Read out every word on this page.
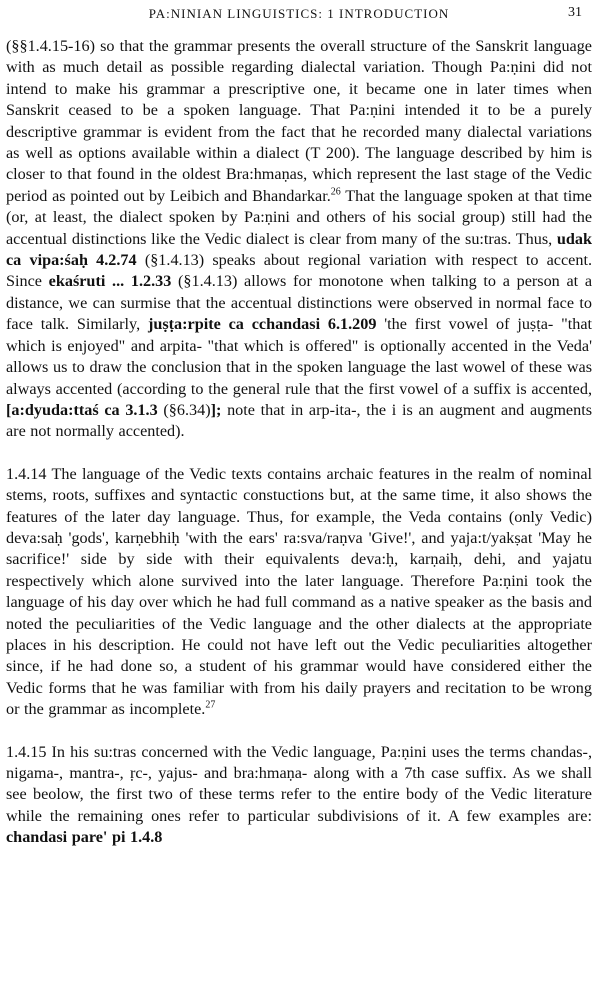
PA:NINIAN LINGUISTICS: 1 INTRODUCTION	31

(§§1.4.15-16) so that the grammar presents the overall structure of the Sanskrit language with as much detail as possible regarding dialectal variation. Though Pa:ṇini did not intend to make his grammar a prescriptive one, it became one in later times when Sanskrit ceased to be a spoken language. That Pa:ṇini intended it to be a purely descriptive grammar is evident from the fact that he recorded many dialectal variations as well as options available within a dialect (T 200). The language described by him is closer to that found in the oldest Bra:hmaṇas, which represent the last stage of the Vedic period as pointed out by Leibich and Bhandarkar.$^{26}$ That the language spoken at that time (or, at least, the dialect spoken by Pa:ṇini and others of his social group) still had the accentual distinctions like the Vedic dialect is clear from many of the su:tras. Thus, udak ca vipa:śaḥ 4.2.74 (§1.4.13) speaks about regional variation with respect to accent. Since ekaśruti ... 1.2.33 (§1.4.13) allows for monotone when talking to a person at a distance, we can surmise that the accentual distinctions were observed in normal face to face talk. Similarly, juṣṭa:rpite ca cchandasi 6.1.209 'the first vowel of juṣṭa- "that which is enjoyed" and arpita- "that which is offered" is optionally accented in the Veda' allows us to draw the conclusion that in the spoken language the last wowel of these was always accented (according to the general rule that the first vowel of a suffix is accented, [a:dyuda:ttaś ca 3.1.3 (§6.34)]; note that in arp-ita-, the i is an augment and augments are not normally accented).

1.4.14 The language of the Vedic texts contains archaic features in the realm of nominal stems, roots, suffixes and syntactic constuctions but, at the same time, it also shows the features of the later day language. Thus, for example, the Veda contains (only Vedic) deva:saḥ 'gods', karṇebhiḥ 'with the ears' ra:sva/raṇva 'Give!', and yaja:t/yakṣat 'May he sacrifice!' side by side with their equivalents deva:ḥ, karṇaiḥ, dehi, and yajatu respectively which alone survived into the later language. Therefore Pa:ṇini took the language of his day over which he had full command as a native speaker as the basis and noted the peculiarities of the Vedic language and the other dialects at the appropriate places in his description. He could not have left out the Vedic peculiarities altogether since, if he had done so, a student of his grammar would have considered either the Vedic forms that he was familiar with from his daily prayers and recitation to be wrong or the grammar as incomplete.$^{27}$

1.4.15 In his su:tras concerned with the Vedic language, Pa:ṇini uses the terms chandas-, nigama-, mantra-, ṛc-, yajus- and bra:hmaṇa- along with a 7th case suffix. As we shall see beolow, the first two of these terms refer to the entire body of the Vedic literature while the remaining ones refer to particular subdivisions of it. A few examples are: chandasi pare' pi 1.4.8
